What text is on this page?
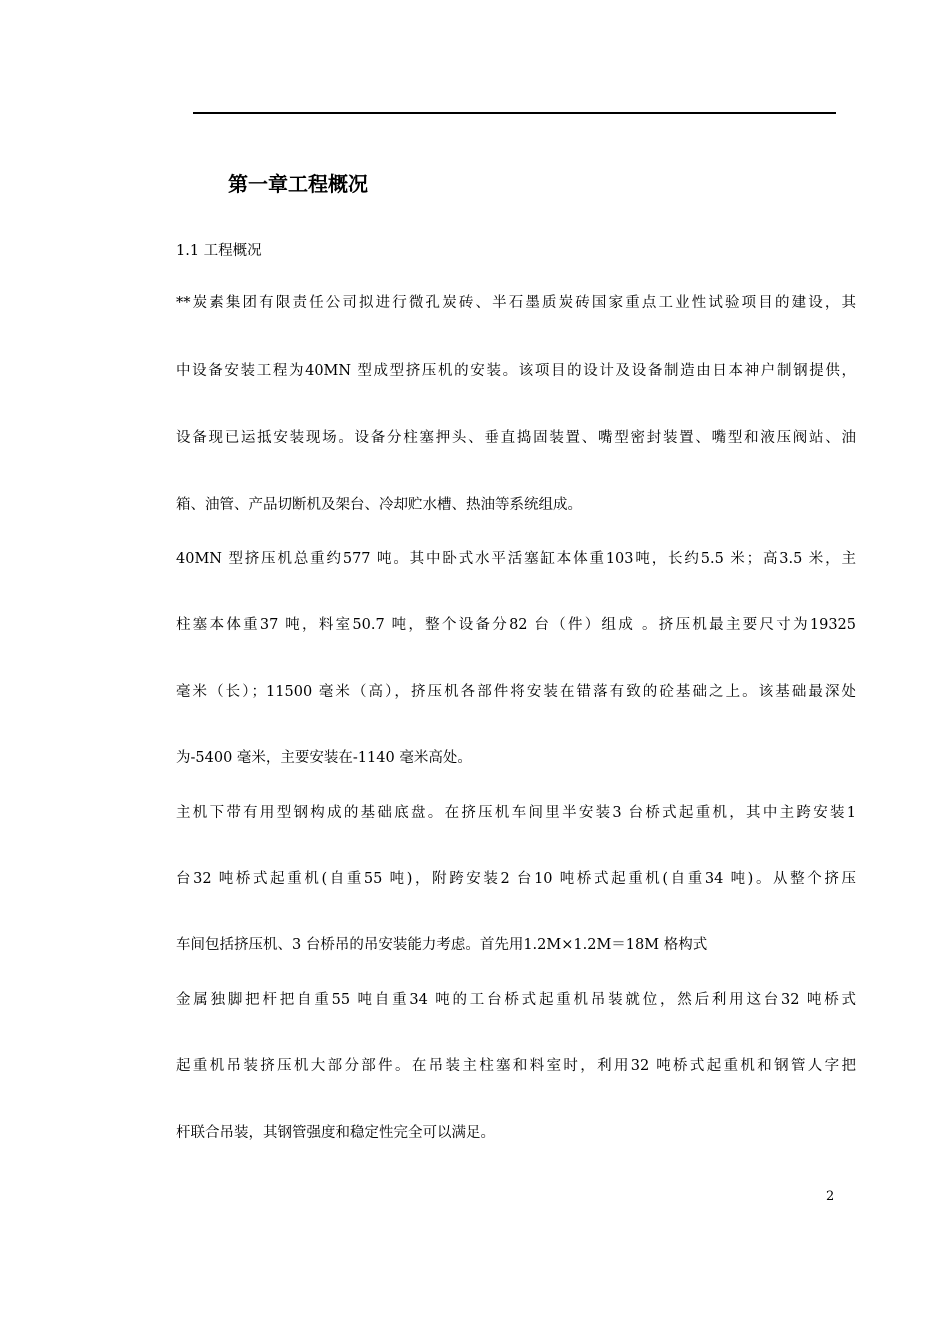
第一章工程概况
1.1 工程概况
**炭素集团有限责任公司拟进行微孔炭砖、半石墨质炭砖国家重点工业性试验项目的建设，其
中设备安装工程为40MN 型成型挤压机的安装。该项目的设计及设备制造由日本神户制钢提供，
设备现已运抵安装现场。设备分柱塞押头、垂直捣固装置、嘴型密封装置、嘴型和液压阀站、油
箱、油管、产品切断机及架台、冷却贮水槽、热油等系统组成。
40MN 型挤压机总重约577 吨。其中卧式水平活塞缸本体重103吨，长约5.5 米；高3.5 米，主
柱塞本体重37 吨，料室50.7 吨，整个设备分82 台（件）组成 。挤压机最主要尺寸为19325
毫米（长）；11500 毫米（高），挤压机各部件将安装在错落有致的砼基础之上。该基础最深处
为-5400 毫米，主要安装在-1140 毫米高处。
主机下带有用型钢构成的基础底盘。在挤压机车间里半安装3 台桥式起重机，其中主跨安装1
台32 吨桥式起重机(自重55 吨)，附跨安装2 台10 吨桥式起重机(自重34 吨)。从整个挤压
车间包括挤压机、3 台桥吊的吊安装能力考虑。首先用1.2M×1.2M＝18M 格构式
金属独脚把杆把自重55 吨自重34 吨的工台桥式起重机吊装就位，然后利用这台32 吨桥式
起重机吊装挤压机大部分部件。在吊装主柱塞和料室时，利用32 吨桥式起重机和钢管人字把
杆联合吊装，其钢管强度和稳定性完全可以满足。
2
